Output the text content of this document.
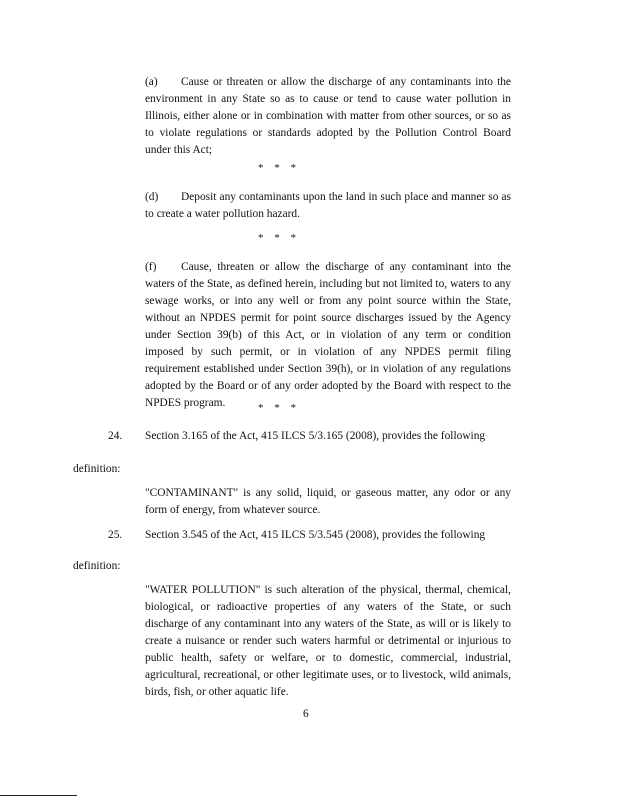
(a) Cause or threaten or allow the discharge of any contaminants into the environment in any State so as to cause or tend to cause water pollution in Illinois, either alone or in combination with matter from other sources, or so as to violate regulations or standards adopted by the Pollution Control Board under this Act;
* * *
(d) Deposit any contaminants upon the land in such place and manner so as to create a water pollution hazard.
* * *
(f) Cause, threaten or allow the discharge of any contaminant into the waters of the State, as defined herein, including but not limited to, waters to any sewage works, or into any well or from any point source within the State, without an NPDES permit for point source discharges issued by the Agency under Section 39(b) of this Act, or in violation of any term or condition imposed by such permit, or in violation of any NPDES permit filing requirement established under Section 39(h), or in violation of any regulations adopted by the Board or of any order adopted by the Board with respect to the NPDES program.	* * *
24. Section 3.165 of the Act, 415 ILCS 5/3.165 (2008), provides the following
definition:
"CONTAMINANT" is any solid, liquid, or gaseous matter, any odor or any form of energy, from whatever source.
25. Section 3.545 of the Act, 415 ILCS 5/3.545 (2008), provides the following
definition:
"WATER POLLUTION" is such alteration of the physical, thermal, chemical, biological, or radioactive properties of any waters of the State, or such discharge of any contaminant into any waters of the State, as will or is likely to create a nuisance or render such waters harmful or detrimental or injurious to public health, safety or welfare, or to domestic, commercial, industrial, agricultural, recreational, or other legitimate uses, or to livestock, wild animals, birds, fish, or other aquatic life.
6
